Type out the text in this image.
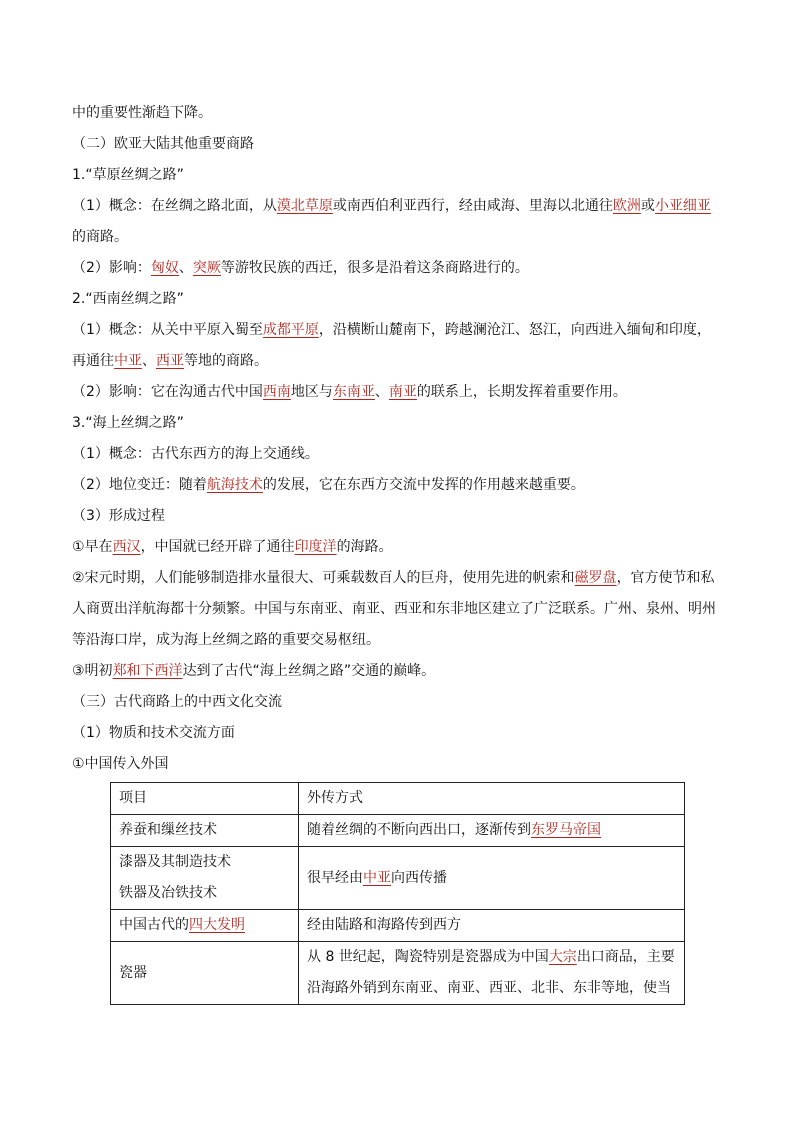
中的重要性渐趋下降。
（二）欧亚大陆其他重要商路
1.“草原丝绸之路”
（1）概念：在丝绸之路北面，从漠北草原或南西伯利亚西行，经由咸海、里海以北通往欧洲或小亚细亚
的商路。
（2）影响：匈奴、突厥等游牧民族的西迁，很多是沿着这条商路进行的。
2.“西南丝绸之路”
（1）概念：从关中平原入蜀至成都平原，沿横断山麓南下，跨越澜沧江、怒江，向西进入缅甸和印度，
再通往中亚、西亚等地的商路。
（2）影响：它在沟通古代中国西南地区与东南亚、南亚的联系上，长期发挥着重要作用。
3.“海上丝绸之路”
（1）概念：古代东西方的海上交通线。
（2）地位变迁：随着航海技术的发展，它在东西方交流中发挥的作用越来越重要。
（3）形成过程
①早在西汉，中国就已经开辟了通往印度洋的海路。
②宋元时期，人们能够制造排水量很大、可乘载数百人的巨舟，使用先进的帆索和磁罗盘，官方使节和私
人商贾出洋航海都十分频繁。中国与东南亚、南亚、西亚和东非地区建立了广泛联系。广州、泉州、明州
等沿海口岸，成为海上丝绸之路的重要交易枢纽。
③明初郑和下西洋达到了古代“海上丝绸之路”交通的巅峰。
（三）古代商路上的中西文化交流
（1）物质和技术交流方面
①中国传入外国
项目	外传方式

养蚕和缫丝技术	随着丝绸的不断向西出口，逐渐传到东罗马帝国

漆器及其制造技术
铁器及冶铁技术	很早经由中亚向西传播

中国古代的四大发明	经由陆路和海路传到西方

瓷器	从 8 世纪起，陶瓷特别是瓷器成为中国大宗出口商品，主要
沿海路外销到东南亚、南亚、西亚、北非、东非等地，使当
